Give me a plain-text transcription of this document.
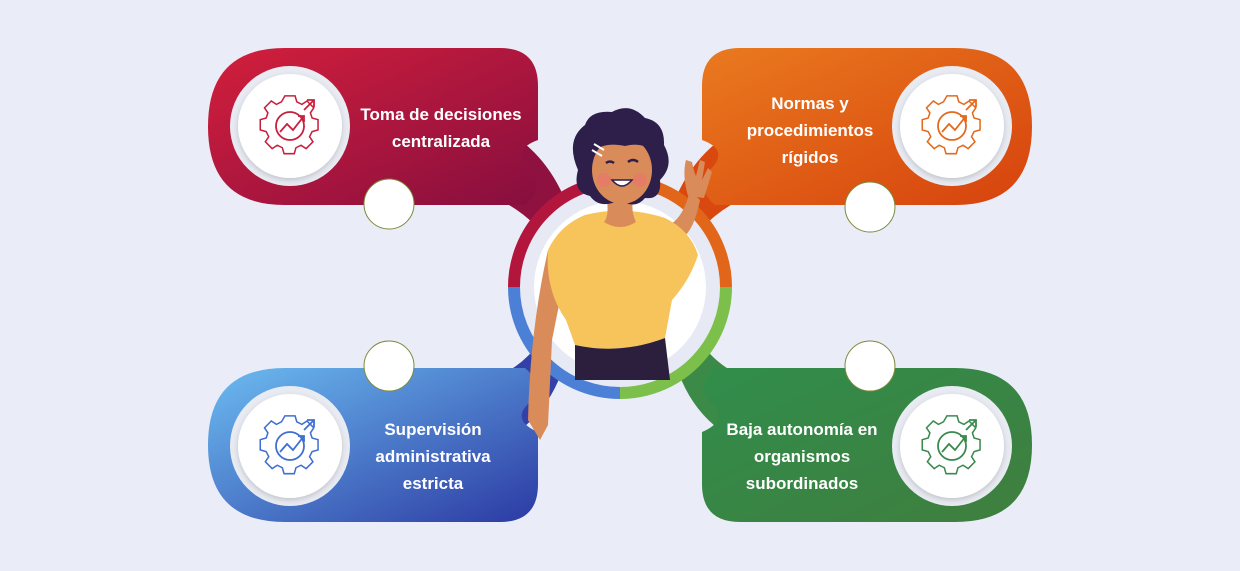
Toma de decisiones
centralizada
Normas y
procedimientos
rígidos
Supervisión
administrativa
estricta
Baja autonomía en
organismos
subordinados
